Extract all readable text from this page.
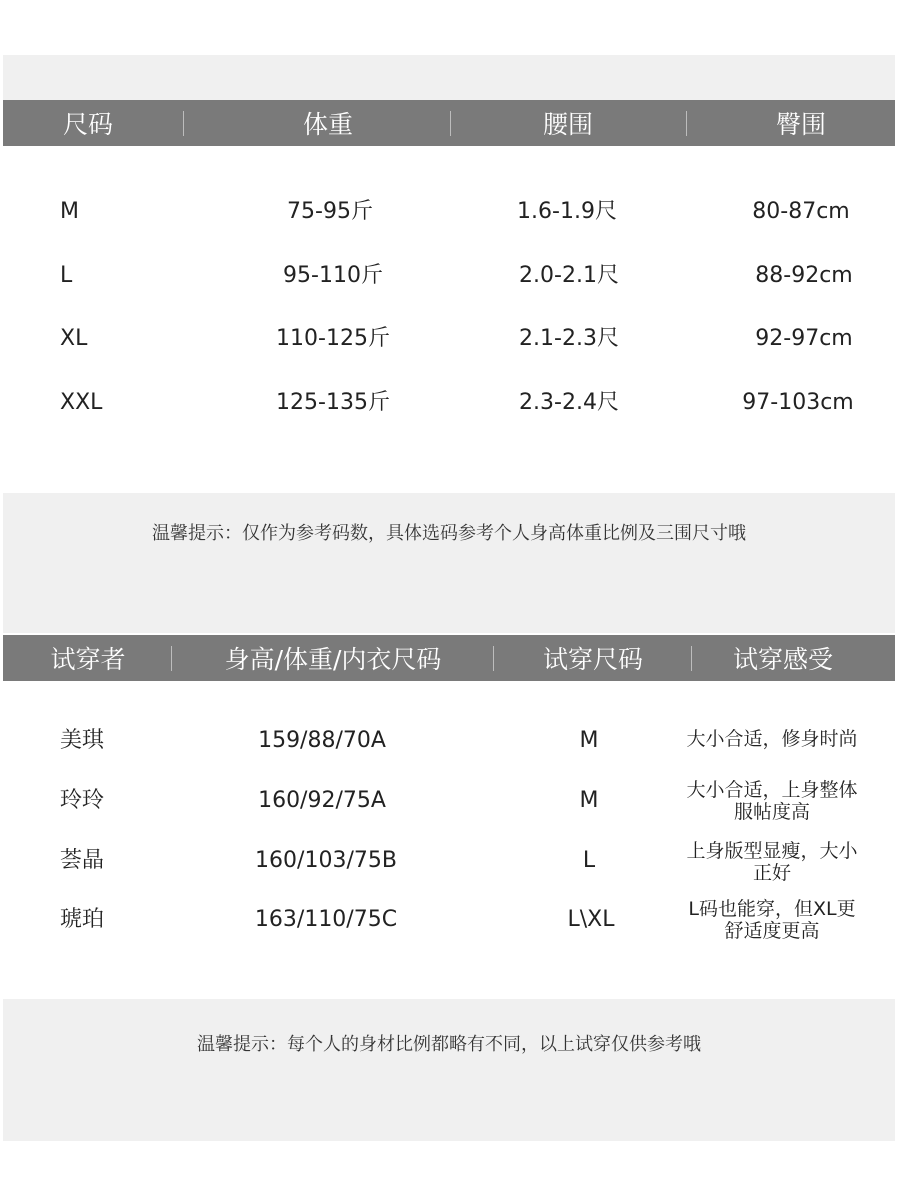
尺码	体重	腰围	臀围
M	75-95斤	1.6-1.9尺	80-87cm
L	95-110斤	2.0-2.1尺	88-92cm
XL	110-125斤	2.1-2.3尺	92-97cm
XXL	125-135斤	2.3-2.4尺	97-103cm
温馨提示：仅作为参考码数，具体选码参考个人身高体重比例及三围尺寸哦
试穿者	身高/体重/内衣尺码	试穿尺码	试穿感受
美琪	159/88/70A	M	大小合适，修身时尚
玲玲	160/92/75A	M	大小合适，上身整体
服帖度高
荟晶	160/103/75B	L	上身版型显瘦，大小
正好
琥珀	163/110/75C	L\XL	L码也能穿，但XL更
舒适度更高
温馨提示：每个人的身材比例都略有不同，以上试穿仅供参考哦
